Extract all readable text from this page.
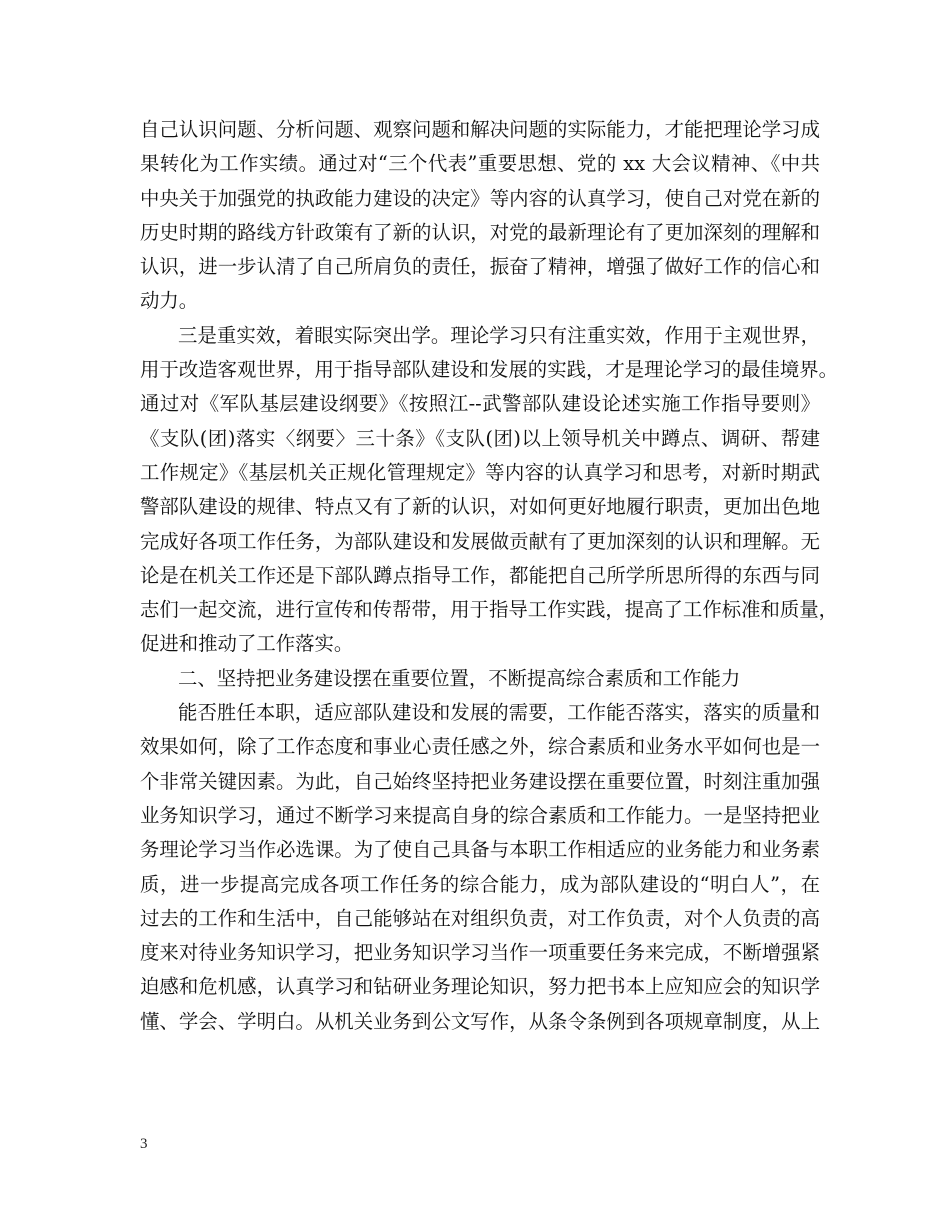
自己认识问题、分析问题、观察问题和解决问题的实际能力，才能把理论学习成
果转化为工作实绩。通过对“三个代表”重要思想、党的 xx 大会议精神、《中共
中央关于加强党的执政能力建设的决定》等内容的认真学习，使自己对党在新的
历史时期的路线方针政策有了新的认识，对党的最新理论有了更加深刻的理解和
认识，进一步认清了自己所肩负的责任，振奋了精神，增强了做好工作的信心和
动力。
三是重实效，着眼实际突出学。理论学习只有注重实效，作用于主观世界，
用于改造客观世界，用于指导部队建设和发展的实践，才是理论学习的最佳境界。
通过对《军队基层建设纲要》《按照江--武警部队建设论述实施工作指导要则》
《支队(团)落实〈纲要〉三十条》《支队(团)以上领导机关中蹲点、调研、帮建
工作规定》《基层机关正规化管理规定》等内容的认真学习和思考，对新时期武
警部队建设的规律、特点又有了新的认识，对如何更好地履行职责，更加出色地
完成好各项工作任务，为部队建设和发展做贡献有了更加深刻的认识和理解。无
论是在机关工作还是下部队蹲点指导工作，都能把自己所学所思所得的东西与同
志们一起交流，进行宣传和传帮带，用于指导工作实践，提高了工作标准和质量，
促进和推动了工作落实。
二、坚持把业务建设摆在重要位置，不断提高综合素质和工作能力
能否胜任本职，适应部队建设和发展的需要，工作能否落实，落实的质量和
效果如何，除了工作态度和事业心责任感之外，综合素质和业务水平如何也是一
个非常关键因素。为此，自己始终坚持把业务建设摆在重要位置，时刻注重加强
业务知识学习，通过不断学习来提高自身的综合素质和工作能力。一是坚持把业
务理论学习当作必选课。为了使自己具备与本职工作相适应的业务能力和业务素
质，进一步提高完成各项工作任务的综合能力，成为部队建设的“明白人”，在
过去的工作和生活中，自己能够站在对组织负责，对工作负责，对个人负责的高
度来对待业务知识学习，把业务知识学习当作一项重要任务来完成，不断增强紧
迫感和危机感，认真学习和钻研业务理论知识，努力把书本上应知应会的知识学
懂、学会、学明白。从机关业务到公文写作，从条令条例到各项规章制度，从上
3
